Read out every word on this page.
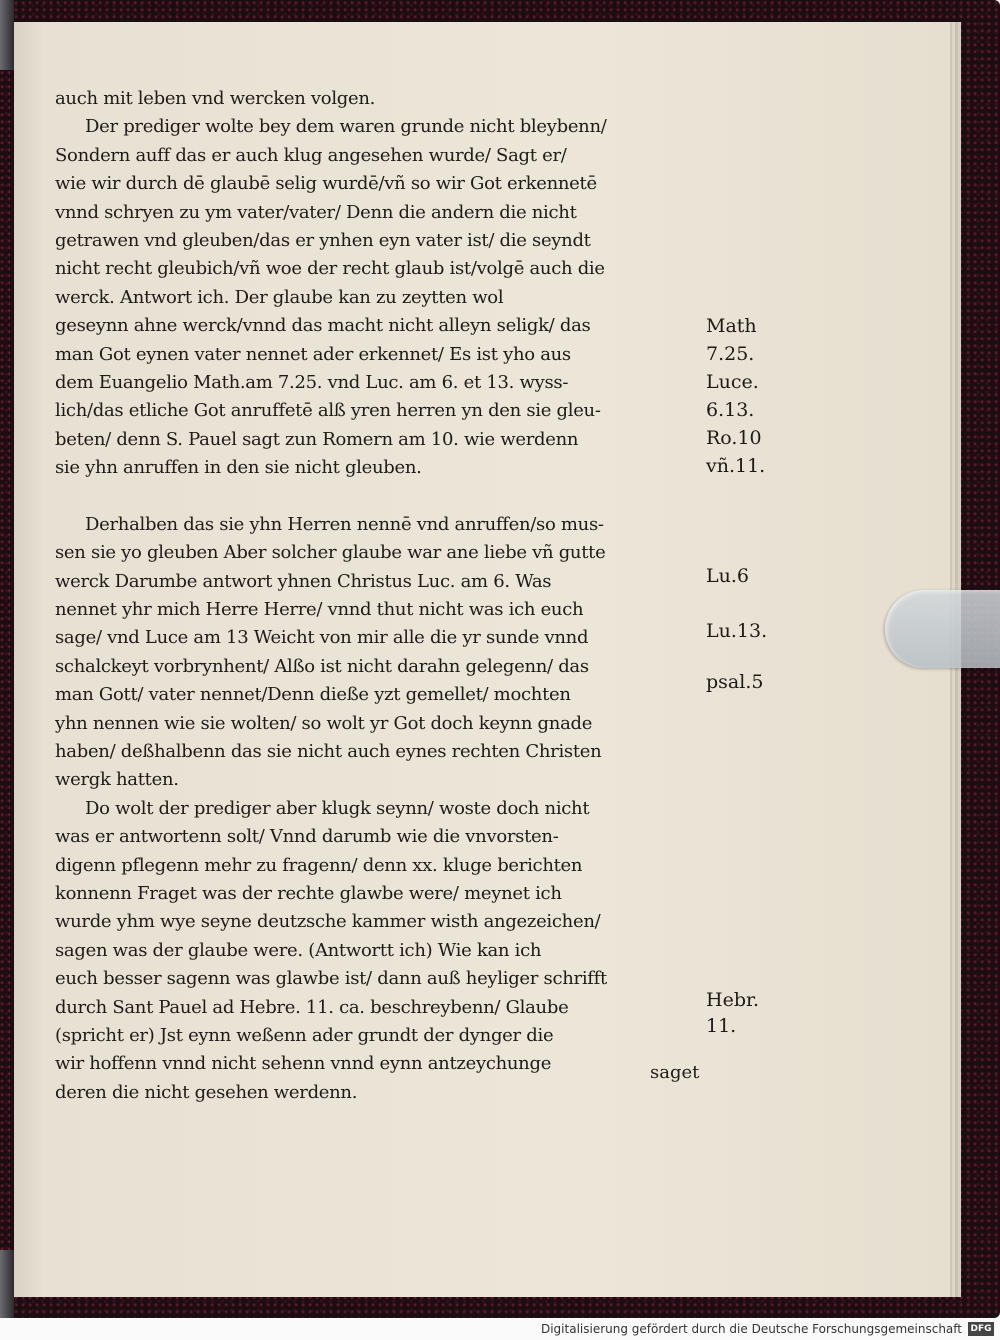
auch mit leben vnd wercken volgen.
Der prediger wolte bey dem waren grunde nicht bleybenn/
Sondern auff das er auch klug angesehen wurde/ Sagt er/
wie wir durch dē glaubē selig wurdē/vñ so wir Got erkennetē
vnnd schryen zu ym vater/vater/ Denn die andern die nicht
getrawen vnd gleuben/das er ynhen eyn vater ist/ die seyndt
nicht recht gleubich/vñ woe der recht glaub ist/volgē auch die
werck. Antwort ich. Der glaube kan zu zeytten wol
geseynn ahne werck/vnnd das macht nicht alleyn seligk/ das
man Got eynen vater nennet ader erkennet/ Es ist yho aus
dem Euangelio Math.am 7.25. vnd Luc. am 6. et 13. wyss-
lich/das etliche Got anruffetē alß yren herren yn den sie gleu-
beten/ denn S. Pauel sagt zun Romern am 10. wie werdenn
sie yhn anruffen in den sie nicht gleuben.
Derhalben das sie yhn Herren nennē vnd anruffen/so mus-
sen sie yo gleuben Aber solcher glaube war ane liebe vñ gutte
werck Darumbe antwort yhnen Christus Luc. am 6. Was
nennet yhr mich Herre Herre/ vnnd thut nicht was ich euch
sage/ vnd Luce am 13 Weicht von mir alle die yr sunde vnnd
schalckeyt vorbrynhent/ Alßo ist nicht darahn gelegenn/ das
man Gott/ vater nennet/Denn dieße yzt gemellet/ mochten
yhn nennen wie sie wolten/ so wolt yr Got doch keynn gnade
haben/ deßhalbenn das sie nicht auch eynes rechten Christen
wergk hatten.
Do wolt der prediger aber klugk seynn/ woste doch nicht
was er antwortenn solt/ Vnnd darumb wie die vnvorsten-
digenn pflegenn mehr zu fragenn/ denn xx. kluge berichten
konnenn Fraget was der rechte glawbe were/ meynet ich
wurde yhm wye seyne deutzsche kammer wisth angezeichen/
sagen was der glaube were. (Antwortt ich) Wie kan ich
euch besser sagenn was glawbe ist/ dann auß heyliger schrifft
durch Sant Pauel ad Hebre. 11. ca. beschreybenn/ Glaube
(spricht er) Jst eynn weßenn ader grundt der dynger die
wir hoffenn vnnd nicht sehenn vnnd eynn antzeychunge
deren die nicht gesehen werdenn.
saget
Math
7.25.
Luce.
6.13.
Ro.10
vñ.11.
Lu.6
Lu.13.
psal.5
Hebr.
11.
Digitalisierung gefördert durch die Deutsche Forschungsgemeinschaft DFG
